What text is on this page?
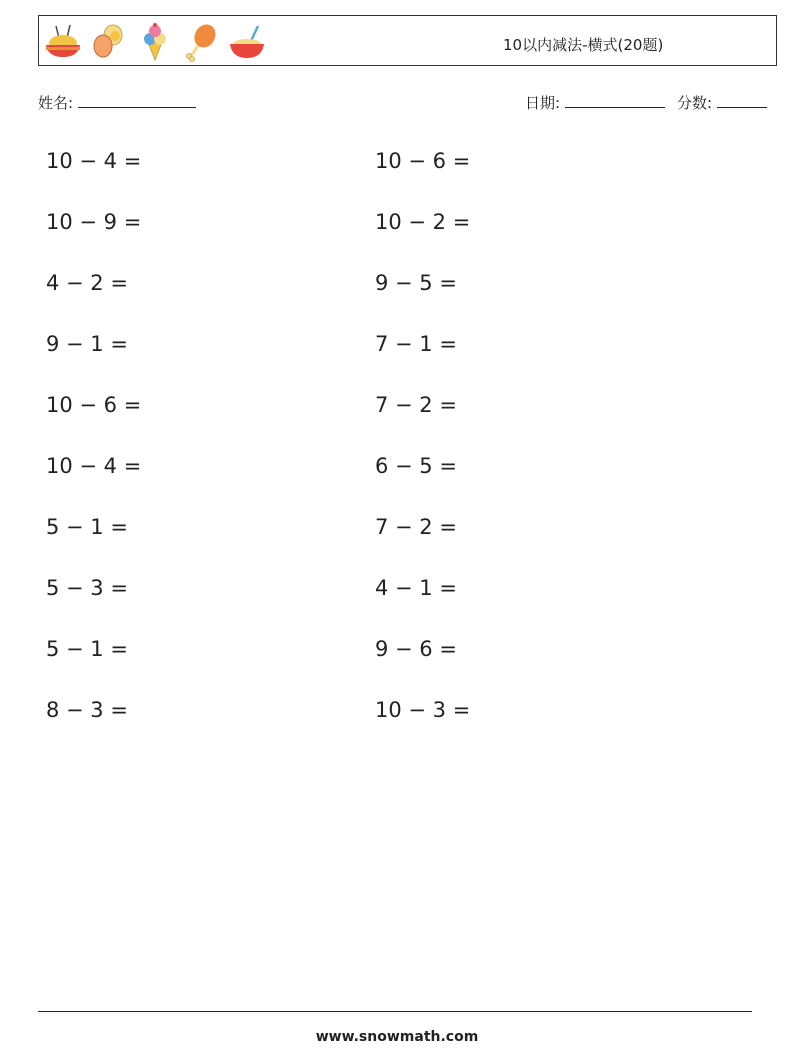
10以内减法-横式(20题)
姓名:	日期:	分数:
10 − 4 =
10 − 9 =
4 − 2 =
9 − 1 =
10 − 6 =
10 − 4 =
5 − 1 =
5 − 3 =
5 − 1 =
8 − 3 =
10 − 6 =
10 − 2 =
9 − 5 =
7 − 1 =
7 − 2 =
6 − 5 =
7 − 2 =
4 − 1 =
9 − 6 =
10 − 3 =
www.snowmath.com
